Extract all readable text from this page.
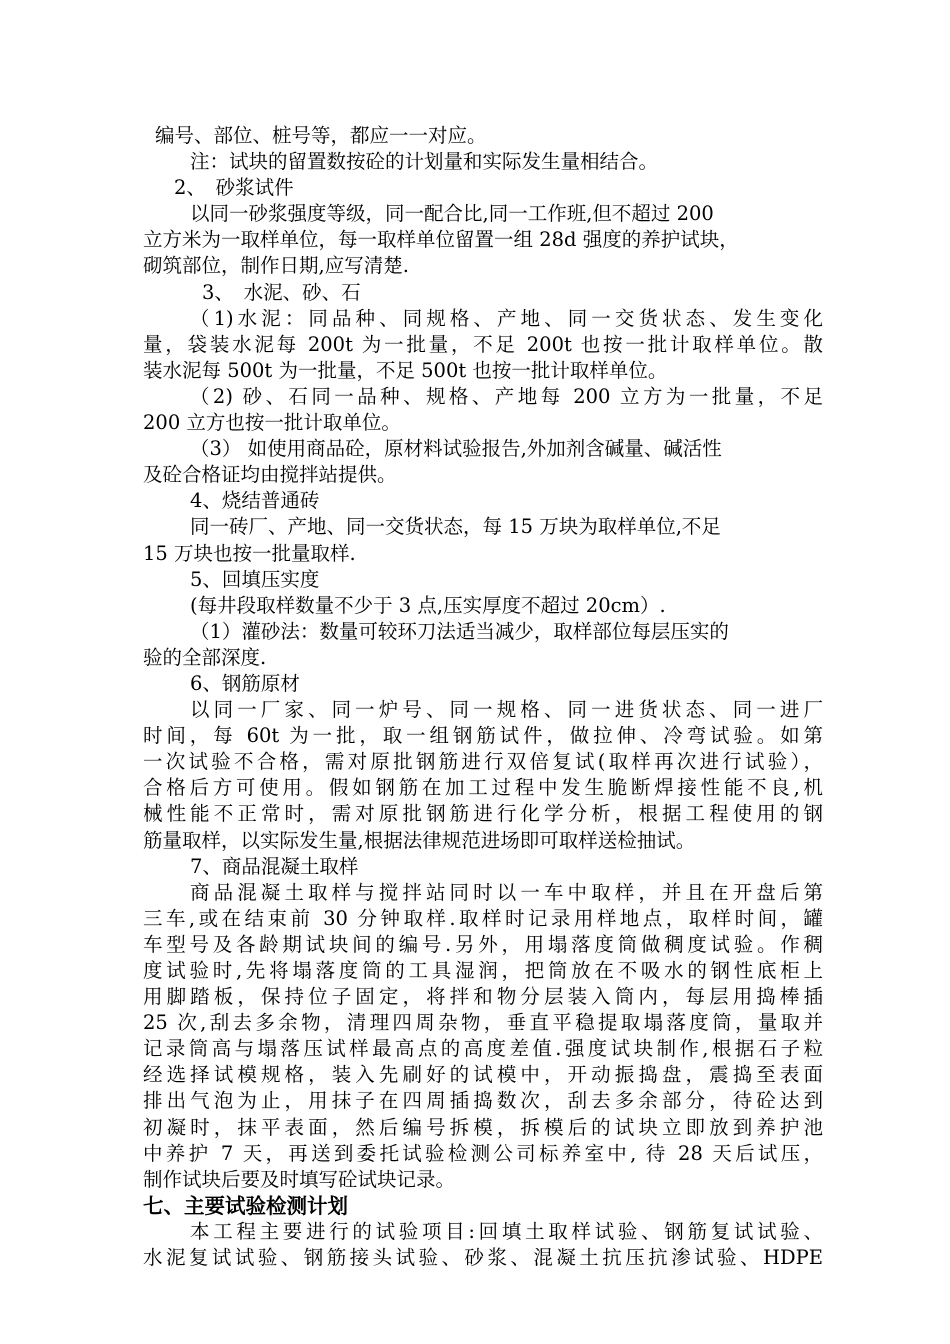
编号、部位、桩号等，都应一一对应。
注：试块的留置数按砼的计划量和实际发生量相结合。
2、　砂浆试件
以同一砂浆强度等级，同一配合比,同一工作班,但不超过 200
立方米为一取样单位，每一取样单位留置一组 28d 强度的养护试块，
砌筑部位，制作日期,应写清楚.
3、　水泥、砂、石
（1)水泥：同品种、同规格、产地、同一交货状态、发生变化
量，袋装水泥每 200t 为一批量，不足 200t 也按一批计取样单位。散
装水泥每 500t 为一批量，不足 500t 也按一批计取样单位。
（2) 砂、石同一品种、规格、产地每 200 立方为一批量，不足
200 立方也按一批计取单位。
（3） 如使用商品砼，原材料试验报告,外加剂含碱量、碱活性
及砼合格证均由搅拌站提供。
4、烧结普通砖
同一砖厂、产地、同一交货状态，每 15 万块为取样单位,不足
15 万块也按一批量取样.
5、回填压实度
(每井段取样数量不少于 3 点,压实厚度不超过 20cm）.
（1）灌砂法：数量可较环刀法适当减少，取样部位每层压实的
验的全部深度.
6、钢筋原材
以同一厂家、同一炉号、同一规格、同一进货状态、同一进厂
时间，每 60t 为一批，取一组钢筋试件，做拉伸、冷弯试验。如第
一次试验不合格，需对原批钢筋进行双倍复试(取样再次进行试验），
合格后方可使用。假如钢筋在加工过程中发生脆断焊接性能不良,机
械性能不正常时，需对原批钢筋进行化学分析，根据工程使用的钢
筋量取样，以实际发生量,根据法律规范进场即可取样送检抽试。
7、商品混凝土取样
商品混凝土取样与搅拌站同时以一车中取样，并且在开盘后第
三车,或在结束前 30 分钟取样.取样时记录用样地点，取样时间，罐
车型号及各龄期试块间的编号.另外，用塌落度筒做稠度试验。作稠
度试验时,先将塌落度筒的工具湿润，把筒放在不吸水的钢性底柜上
用脚踏板，保持位子固定，将拌和物分层装入筒内，每层用捣棒插
25 次,刮去多余物，清理四周杂物，垂直平稳提取塌落度筒，量取并
记录筒高与塌落压试样最高点的高度差值.强度试块制作,根据石子粒
经选择试模规格，装入先刷好的试模中，开动振捣盘，震捣至表面
排出气泡为止，用抹子在四周插捣数次，刮去多余部分，待砼达到
初凝时，抹平表面，然后编号拆模，拆模后的试块立即放到养护池
中养护 7 天，再送到委托试验检测公司标养室中, 待 28 天后试压，
制作试块后要及时填写砼试块记录。
七、主要试验检测计划
本工程主要进行的试验项目:回填土取样试验、钢筋复试试验、
水泥复试试验、钢筋接头试验、砂浆、混凝土抗压抗渗试验、HDPE
